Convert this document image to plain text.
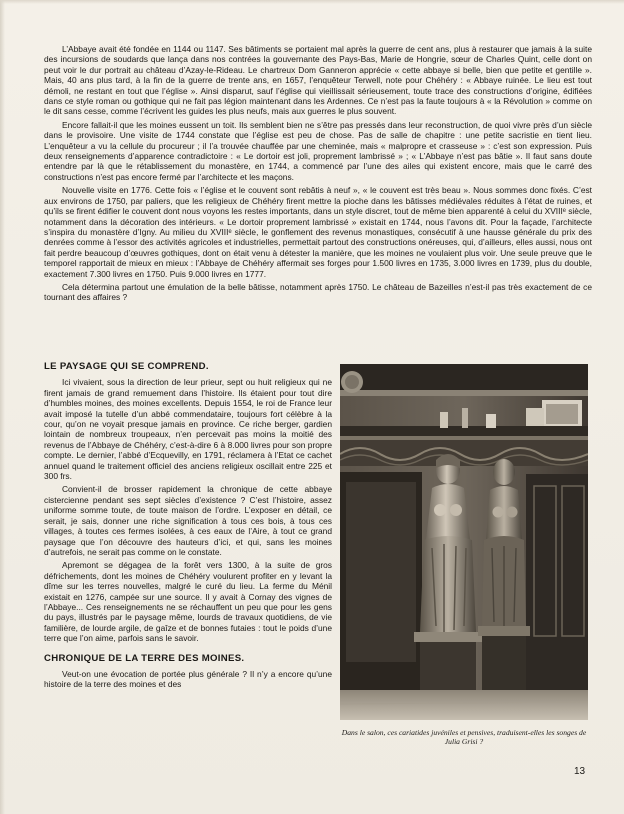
L’Abbaye avait été fondée en 1144 ou 1147. Ses bâtiments se portaient mal après la guerre de cent ans, plus à restaurer que jamais à la suite des incursions de soudards que lança dans nos contrées la gouvernante des Pays-Bas, Marie de Hongrie, sœur de Charles Quint, celle dont on peut voir le dur portrait au château d’Azay-le-Rideau. Le chartreux Dom Ganneron apprécie « cette abbaye si belle, bien que petite et gentille ». Mais, 40 ans plus tard, à la fin de la guerre de trente ans, en 1657, l’enquêteur Terwell, note pour Chéhéry : « Abbaye ruinée. Le lieu est tout démoli, ne restant en tout que l’église ». Ainsi disparut, sauf l’église qui vieillissait sérieusement, toute trace des constructions d’origine, édifiées dans ce style roman ou gothique qui ne fait pas légion maintenant dans les Ardennes. Ce n’est pas la faute toujours à « la Révolution » comme on le dit sans cesse, comme l’écrivent les guides les plus neufs, mais aux guerres le plus souvent.

Encore fallait-il que les moines eussent un toit. Ils semblent bien ne s’être pas pressés dans leur reconstruction, de quoi vivre près d’un siècle dans le provisoire. Une visite de 1744 constate que l’église est peu de chose. Pas de salle de chapitre : une petite sacristie en tient lieu. L’enquêteur a vu la cellule du procureur ; il l’a trouvée chauffée par une cheminée, mais « malpropre et crasseuse » : c’est son expression. Puis deux renseignements d’apparence contradictoire : « Le dortoir est joli, proprement lambrissé » ; « L’Abbaye n’est pas bâtie ». Il faut sans doute entendre par là que le rétablissement du monastère, en 1744, a commencé par l’une des ailes qui existent encore, mais que le carré des constructions n’est pas encore fermé par l’architecte et les maçons.

Nouvelle visite en 1776. Cette fois « l’église et le couvent sont rebâtis à neuf », « le couvent est très beau ». Nous sommes donc fixés. C’est aux environs de 1750, par paliers, que les religieux de Chéhéry firent mettre la pioche dans les bâtisses médiévales réduites à l’état de ruines, et qu’ils se firent édifier le couvent dont nous voyons les restes importants, dans un style discret, tout de même bien apparenté à celui du XVIIIᵉ siècle, notamment dans la décoration des intérieurs. « Le dortoir proprement lambrissé » existait en 1744, nous l’avons dit. Pour la façade, l’architecte s’inspira du monastère d’Igny. Au milieu du XVIIIᵉ siècle, le gonflement des revenus monastiques, consécutif à une hausse générale du prix des denrées comme à l’essor des activités agricoles et industrielles, permettait partout des constructions onéreuses, qui, d’ailleurs, elles aussi, nous ont fait perdre beaucoup d’œuvres gothiques, dont on était venu à détester la manière, que les moines ne voulaient plus voir. Une seule preuve que le temporel rapportait de mieux en mieux : l’Abbaye de Chéhéry affermait ses forges pour 1.500 livres en 1735, 3.000 livres en 1739, plus du double, exactement 7.300 livres en 1750. Puis 9.000 livres en 1777.

Cela détermina partout une émulation de la belle bâtisse, notamment après 1750. Le château de Bazeilles n’est-il pas très exactement de ce tournant des affaires ?

LE PAYSAGE QUI SE COMPREND.

Ici vivaient, sous la direction de leur prieur, sept ou huit religieux qui ne firent jamais de grand remuement dans l’histoire. Ils étaient pour tout dire d’humbles moines, des moines excellents. Depuis 1554, le roi de France leur avait imposé la tutelle d’un abbé commendataire, toujours fort célèbre à la cour, qu’on ne voyait presque jamais en province. Ce riche berger, gardien lointain de nombreux troupeaux, n’en percevait pas moins la moitié des revenus de l’Abbaye de Chéhéry, c’est-à-dire 6 à 8.000 livres pour son propre compte. Le dernier, l’abbé d’Ecquevilly, en 1791, réclamera à l’Etat ce cachet annuel quand le traitement officiel des anciens religieux oscillait entre 225 et 300 frs.

Convient-il de brosser rapidement la chronique de cette abbaye cistercienne pendant ses sept siècles d’existence ? C’est l’histoire, assez uniforme somme toute, de toute maison de l’ordre. L’exposer en détail, ce serait, je sais, donner une riche signification à tous ces bois, à tous ces villages, à toutes ces fermes isolées, à ces eaux de l’Aire, à tout ce grand paysage que l’on découvre des hauteurs d’ici, et qui, sans les moines d’autrefois, ne serait pas comme on le constate.

Apremont se dégagea de la forêt vers 1300, à la suite de gros défrichements, dont les moines de Chéhéry voulurent profiter en y levant la dîme sur les terres nouvelles, malgré le curé du lieu. La ferme du Ménil existait en 1276, campée sur une source. Il y avait à Cornay des vignes de l’Abbaye... Ces renseignements ne se réchauffent un peu que pour les gens du pays, illustrés par le paysage même, lourds de travaux quotidiens, de vie familière, de lourde argile, de gaîze et de bonnes futaies : tout le poids d’une terre que l’on aime, parfois sans le savoir.

CHRONIQUE DE LA TERRE DES MOINES.

Veut-on une évocation de portée plus générale ? Il n’y a encore qu’une histoire de la terre des moines et des

Dans le salon, ces cariatides juvéniles et pensives, traduisent-elles les songes de Julia Grisi ?
13
